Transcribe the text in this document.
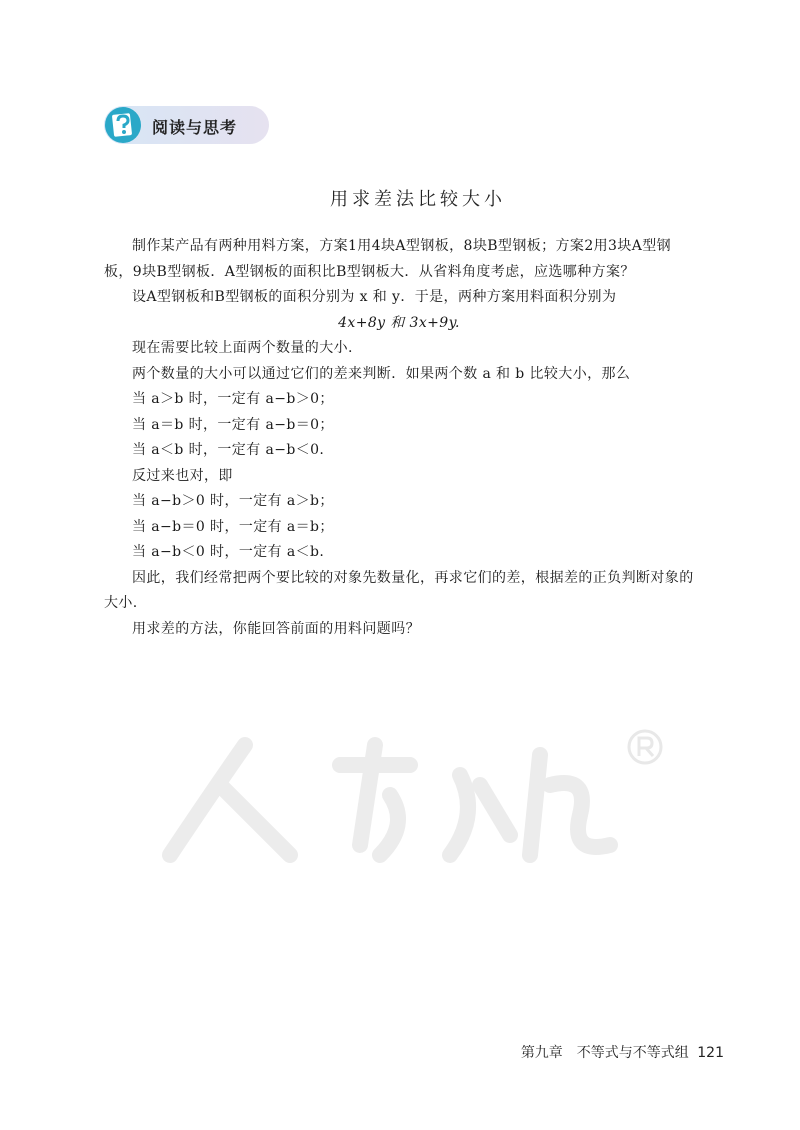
阅读与思考
用求差法比较大小

制作某产品有两种用料方案，方案1用4块A型钢板，8块B型钢板；方案2用3块A型钢板，9块B型钢板．A型钢板的面积比B型钢板大．从省料角度考虑，应选哪种方案？

设A型钢板和B型钢板的面积分别为 x 和 y．于是，两种方案用料面积分别为

4x+8y 和 3x+9y.

现在需要比较上面两个数量的大小.

两个数量的大小可以通过它们的差来判断．如果两个数 a 和 b 比较大小，那么

当 a＞b 时，一定有 a−b＞0；

当 a＝b 时，一定有 a−b＝0；

当 a＜b 时，一定有 a−b＜0.

反过来也对，即

当 a−b＞0 时，一定有 a＞b；

当 a−b＝0 时，一定有 a＝b；

当 a−b＜0 时，一定有 a＜b.

因此，我们经常把两个要比较的对象先数量化，再求它们的差，根据差的正负判断对象的大小.

用求差的方法，你能回答前面的用料问题吗？

第九章　不等式与不等式组 121
